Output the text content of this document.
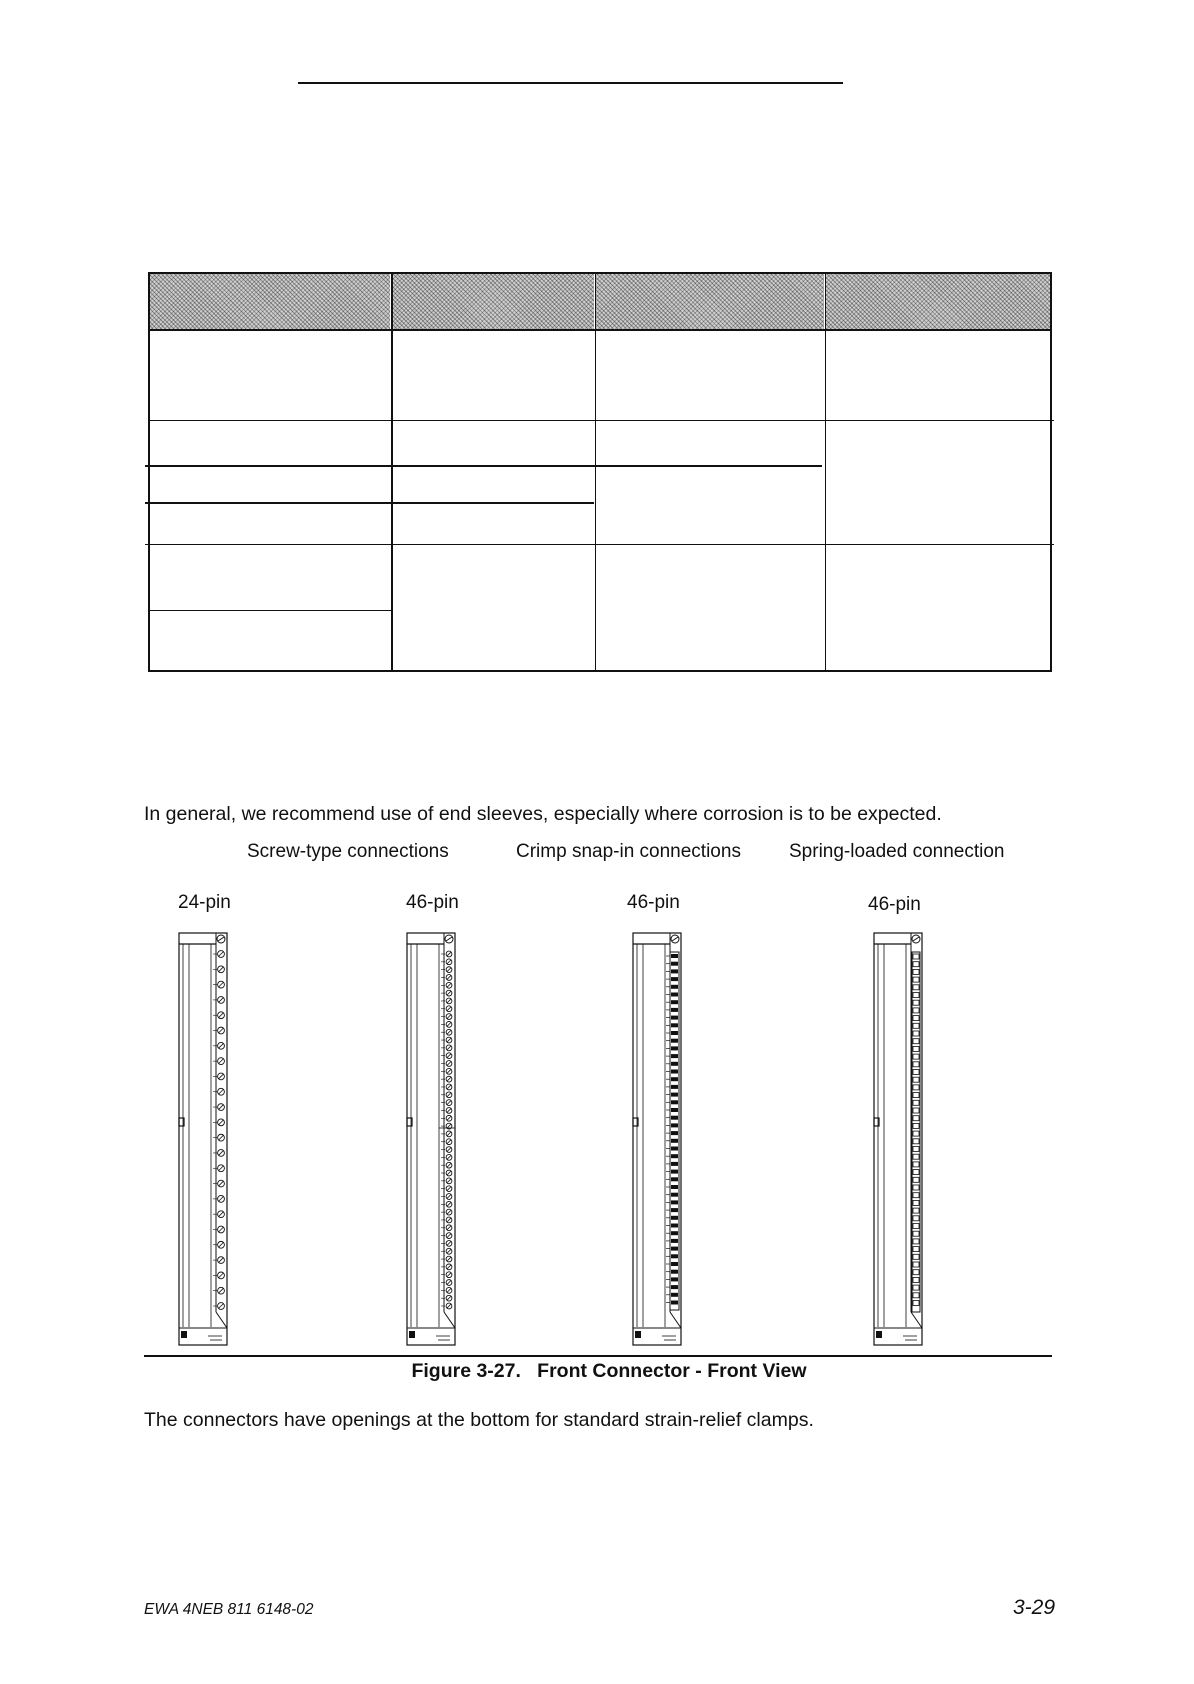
In general, we recommend use of end sleeves, especially where corrosion is to be expected.
Screw-type connections	Crimp snap-in connections	Spring-loaded connection
24-pin	46-pin	46-pin	46-pin
Figure 3-27.   Front Connector - Front View
The connectors have openings at the bottom for standard strain-relief clamps.
EWA 4NEB 811 6148-02	3-29
